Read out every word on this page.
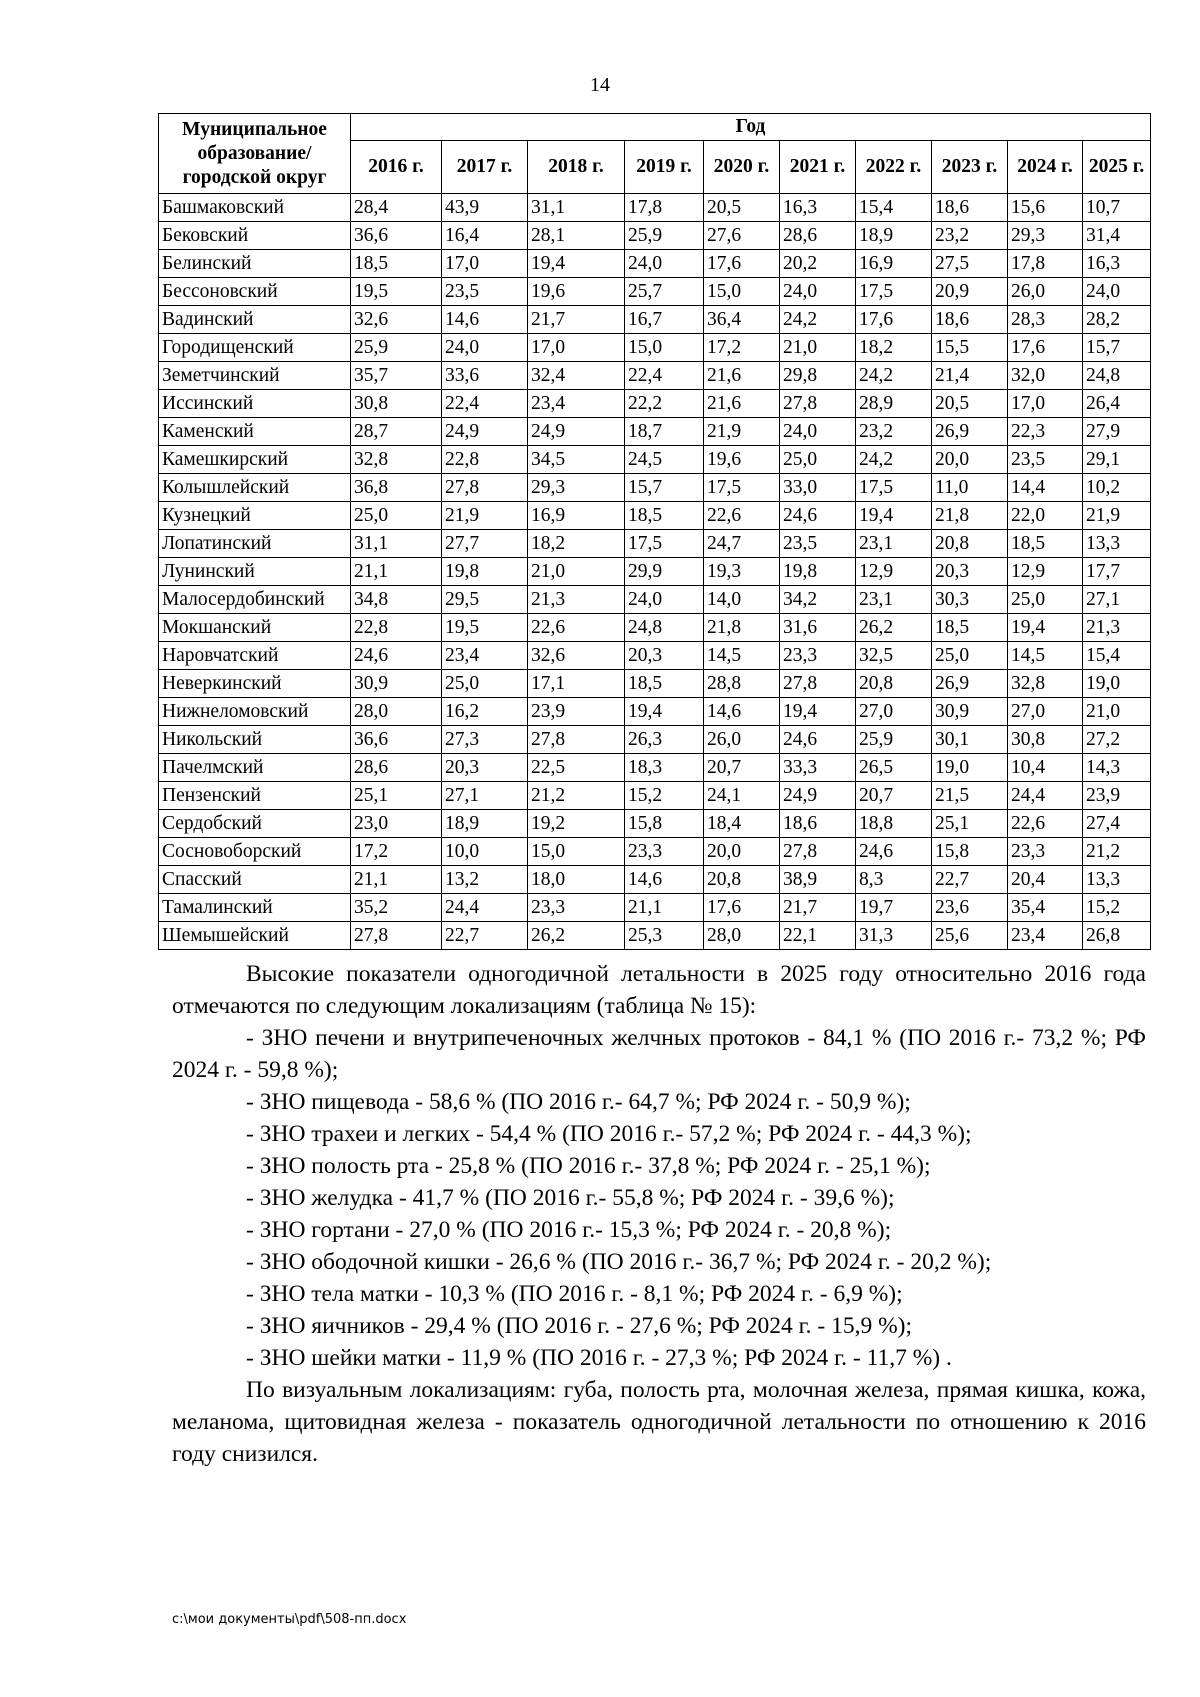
14
Муниципальное образование/ городской округ	Год									
	2016 г.	2017 г.	2018 г.	2019 г.	2020 г.	2021 г.	2022 г.	2023 г.	2024 г.	2025 г.
Башмаковский	28,4	43,9	31,1	17,8	20,5	16,3	15,4	18,6	15,6	10,7
Бековский	36,6	16,4	28,1	25,9	27,6	28,6	18,9	23,2	29,3	31,4
Белинский	18,5	17,0	19,4	24,0	17,6	20,2	16,9	27,5	17,8	16,3
Бессоновский	19,5	23,5	19,6	25,7	15,0	24,0	17,5	20,9	26,0	24,0
Вадинский	32,6	14,6	21,7	16,7	36,4	24,2	17,6	18,6	28,3	28,2
Городищенский	25,9	24,0	17,0	15,0	17,2	21,0	18,2	15,5	17,6	15,7
Земетчинский	35,7	33,6	32,4	22,4	21,6	29,8	24,2	21,4	32,0	24,8
Иссинский	30,8	22,4	23,4	22,2	21,6	27,8	28,9	20,5	17,0	26,4
Каменский	28,7	24,9	24,9	18,7	21,9	24,0	23,2	26,9	22,3	27,9
Камешкирский	32,8	22,8	34,5	24,5	19,6	25,0	24,2	20,0	23,5	29,1
Колышлейский	36,8	27,8	29,3	15,7	17,5	33,0	17,5	11,0	14,4	10,2
Кузнецкий	25,0	21,9	16,9	18,5	22,6	24,6	19,4	21,8	22,0	21,9
Лопатинский	31,1	27,7	18,2	17,5	24,7	23,5	23,1	20,8	18,5	13,3
Лунинский	21,1	19,8	21,0	29,9	19,3	19,8	12,9	20,3	12,9	17,7
Малосердобинский	34,8	29,5	21,3	24,0	14,0	34,2	23,1	30,3	25,0	27,1
Мокшанский	22,8	19,5	22,6	24,8	21,8	31,6	26,2	18,5	19,4	21,3
Наровчатский	24,6	23,4	32,6	20,3	14,5	23,3	32,5	25,0	14,5	15,4
Неверкинский	30,9	25,0	17,1	18,5	28,8	27,8	20,8	26,9	32,8	19,0
Нижнеломовский	28,0	16,2	23,9	19,4	14,6	19,4	27,0	30,9	27,0	21,0
Никольский	36,6	27,3	27,8	26,3	26,0	24,6	25,9	30,1	30,8	27,2
Пачелмский	28,6	20,3	22,5	18,3	20,7	33,3	26,5	19,0	10,4	14,3
Пензенский	25,1	27,1	21,2	15,2	24,1	24,9	20,7	21,5	24,4	23,9
Сердобский	23,0	18,9	19,2	15,8	18,4	18,6	18,8	25,1	22,6	27,4
Сосновоборский	17,2	10,0	15,0	23,3	20,0	27,8	24,6	15,8	23,3	21,2
Спасский	21,1	13,2	18,0	14,6	20,8	38,9	8,3	22,7	20,4	13,3
Тамалинский	35,2	24,4	23,3	21,1	17,6	21,7	19,7	23,6	35,4	15,2
Шемышейский	27,8	22,7	26,2	25,3	28,0	22,1	31,3	25,6	23,4	26,8

Высокие показатели одногодичной летальности в 2025 году относительно 2016 года отмечаются по следующим локализациям (таблица № 15):

- ЗНО печени и внутрипеченочных желчных протоков - 84,1 % (ПО 2016 г.- 73,2 %; РФ 2024 г. - 59,8 %);

- ЗНО пищевода - 58,6 % (ПО 2016 г.- 64,7 %; РФ 2024 г. - 50,9 %);

- ЗНО трахеи и легких - 54,4 % (ПО 2016 г.- 57,2 %; РФ 2024 г. - 44,3 %);

- ЗНО полость рта - 25,8 % (ПО 2016 г.- 37,8 %; РФ 2024 г. - 25,1 %);

- ЗНО желудка - 41,7 % (ПО 2016 г.- 55,8 %; РФ 2024 г. - 39,6 %);

- ЗНО гортани - 27,0 % (ПО 2016 г.- 15,3 %; РФ 2024 г. - 20,8 %);

- ЗНО ободочной кишки - 26,6 % (ПО 2016 г.- 36,7 %; РФ 2024 г. - 20,2 %);

- ЗНО тела матки - 10,3 % (ПО 2016 г. - 8,1 %; РФ 2024 г. - 6,9 %);

- ЗНО яичников - 29,4 % (ПО 2016 г. - 27,6 %; РФ 2024 г. - 15,9 %);

- ЗНО шейки матки - 11,9 % (ПО 2016 г. - 27,3 %; РФ 2024 г. - 11,7 %) .

По визуальным локализациям: губа, полость рта, молочная железа, прямая кишка, кожа, меланома, щитовидная железа - показатель одногодичной летальности по отношению к 2016 году снизился.

c:\мои документы\pdf\508-пп.docx
